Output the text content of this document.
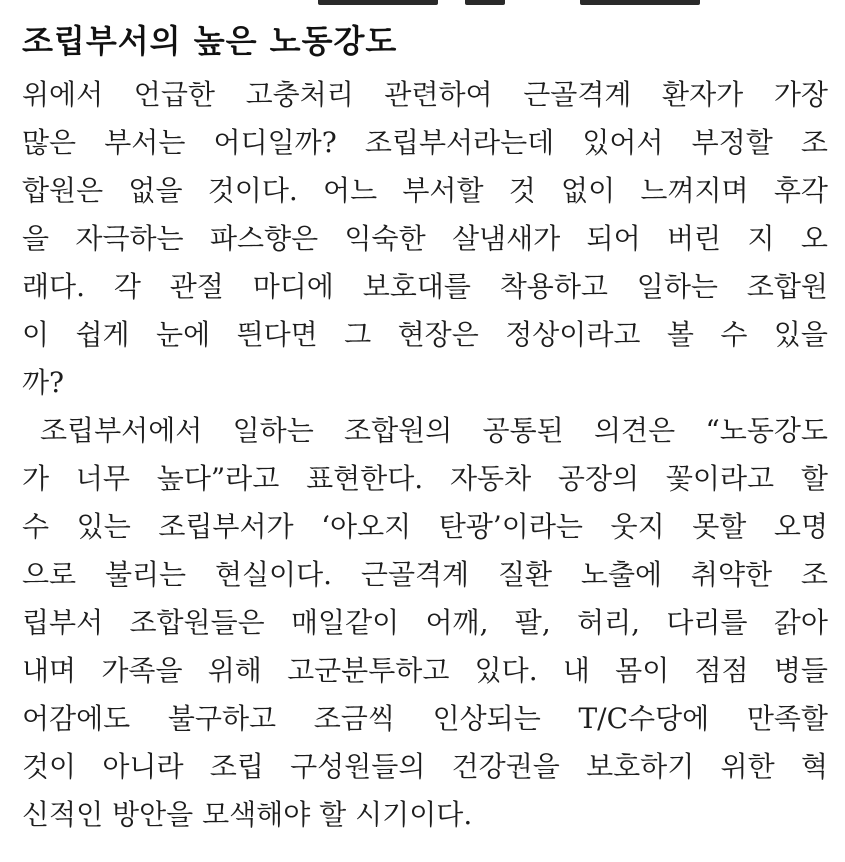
조립부서의 높은 노동강도
위에서 언급한 고충처리 관련하여 근골격계 환자가 가장
많은 부서는 어디일까? 조립부서라는데 있어서 부정할 조
합원은 없을 것이다. 어느 부서할 것 없이 느껴지며 후각
을 자극하는 파스향은 익숙한 살냄새가 되어 버린 지 오
래다. 각 관절 마디에 보호대를 착용하고 일하는 조합원
이 쉽게 눈에 띈다면 그 현장은 정상이라고 볼 수 있을
까?
조립부서에서 일하는 조합원의 공통된 의견은 “노동강도
가 너무 높다”라고 표현한다. 자동차 공장의 꽃이라고 할
수 있는 조립부서가 ‘아오지 탄광’이라는 웃지 못할 오명
으로 불리는 현실이다. 근골격계 질환 노출에 취약한 조
립부서 조합원들은 매일같이 어깨, 팔, 허리, 다리를 갉아
내며 가족을 위해 고군분투하고 있다. 내 몸이 점점 병들
어감에도 불구하고 조금씩 인상되는 T/C수당에 만족할
것이 아니라 조립 구성원들의 건강권을 보호하기 위한 혁
신적인 방안을 모색해야 할 시기이다.
